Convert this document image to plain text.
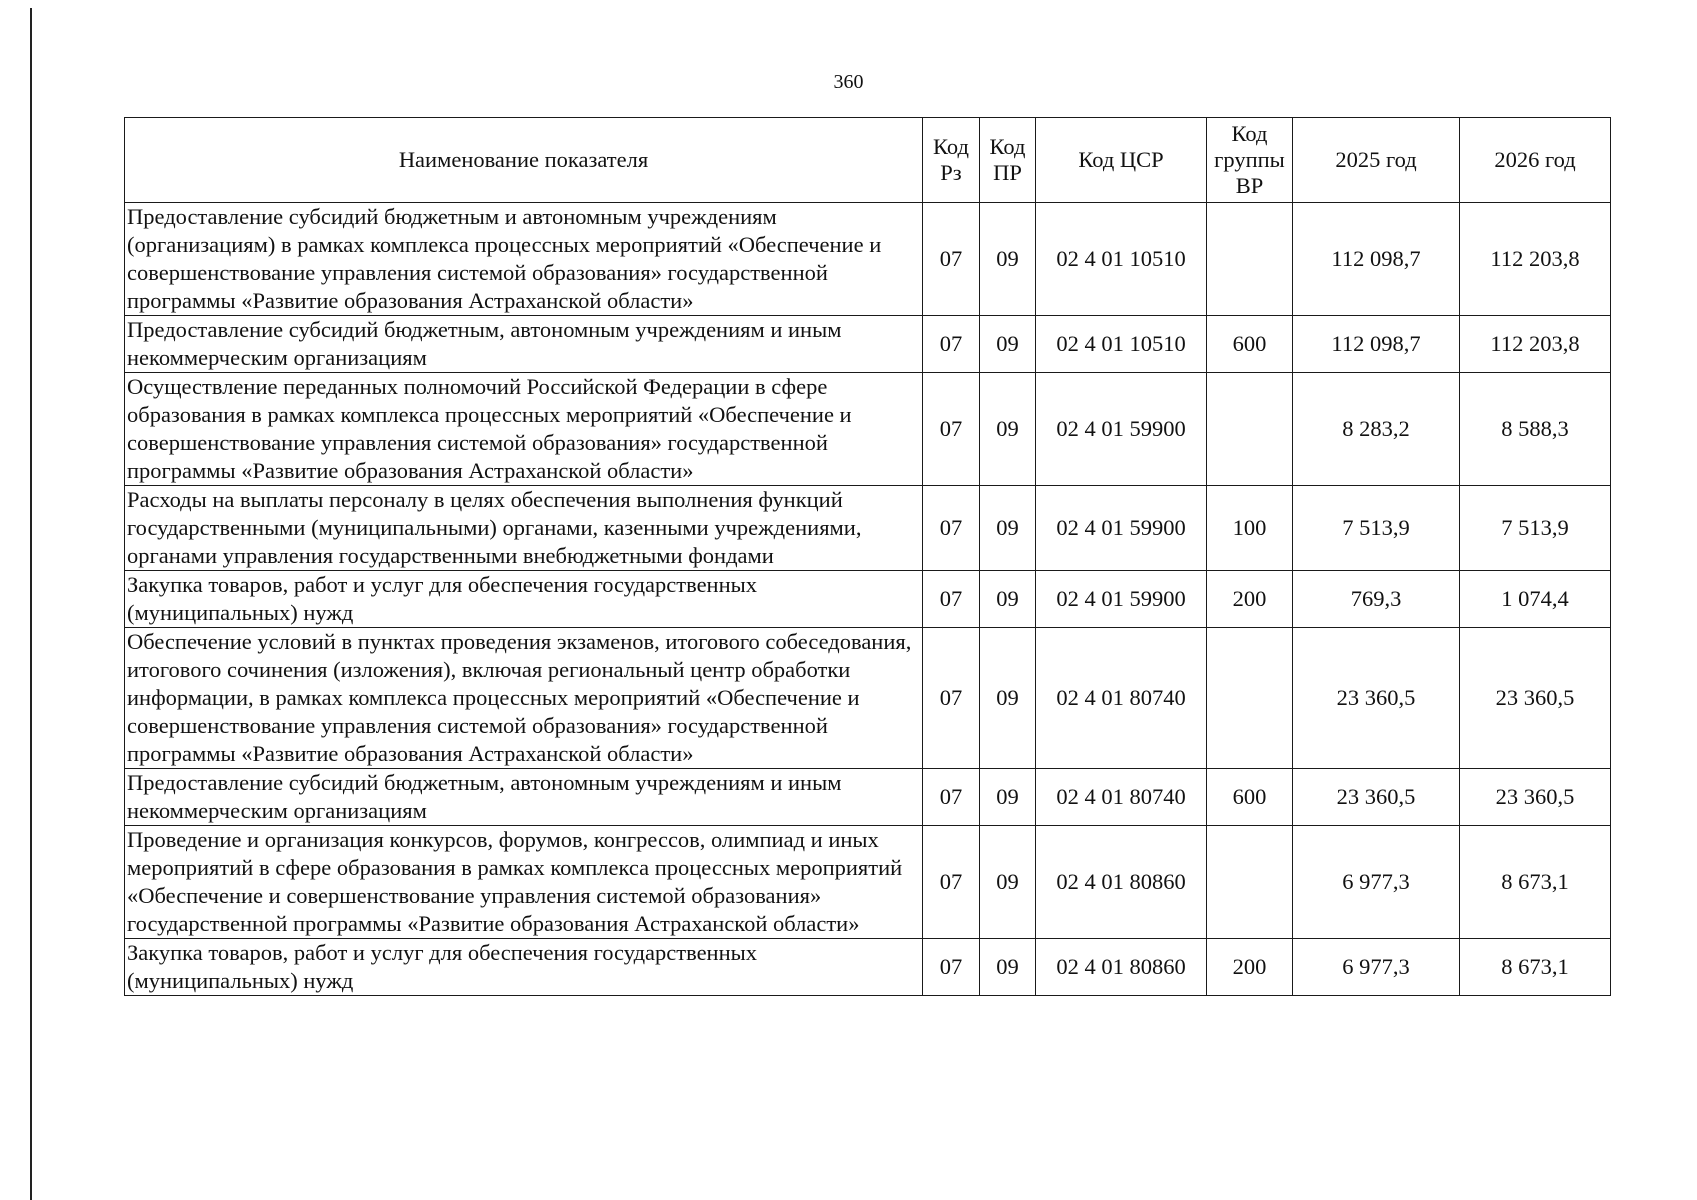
360
Наименование показателя	Код Рз	Код ПР	Код ЦСР	Код группы ВР	2025 год	2026 год
Предоставление субсидий бюджетным и автономным учреждениям (организациям) в рамках комплекса процессных мероприятий «Обеспечение и совершенствование управления системой образования» государственной программы «Развитие образования Астраханской области»	07	09	02 4 01 10510		112 098,7	112 203,8
Предоставление субсидий бюджетным, автономным учреждениям и иным некоммерческим организациям	07	09	02 4 01 10510	600	112 098,7	112 203,8
Осуществление переданных полномочий Российской Федерации в сфере образования в рамках комплекса процессных мероприятий «Обеспечение и совершенствование управления системой образования» государственной программы «Развитие образования Астраханской области»	07	09	02 4 01 59900		8 283,2	8 588,3
Расходы на выплаты персоналу в целях обеспечения выполнения функций государственными (муниципальными) органами, казенными учреждениями, органами управления государственными внебюджетными фондами	07	09	02 4 01 59900	100	7 513,9	7 513,9
Закупка товаров, работ и услуг для обеспечения государственных (муниципальных) нужд	07	09	02 4 01 59900	200	769,3	1 074,4
Обеспечение условий в пунктах проведения экзаменов, итогового собеседования, итогового сочинения (изложения), включая региональный центр обработки информации, в рамках комплекса процессных мероприятий «Обеспечение и совершенствование управления системой образования» государственной программы «Развитие образования Астраханской области»	07	09	02 4 01 80740		23 360,5	23 360,5
Предоставление субсидий бюджетным, автономным учреждениям и иным некоммерческим организациям	07	09	02 4 01 80740	600	23 360,5	23 360,5
Проведение и организация конкурсов, форумов, конгрессов, олимпиад и иных мероприятий в сфере образования в рамках комплекса процессных мероприятий «Обеспечение и совершенствование управления системой образования» государственной программы «Развитие образования Астраханской области»	07	09	02 4 01 80860		6 977,3	8 673,1
Закупка товаров, работ и услуг для обеспечения государственных (муниципальных) нужд	07	09	02 4 01 80860	200	6 977,3	8 673,1
